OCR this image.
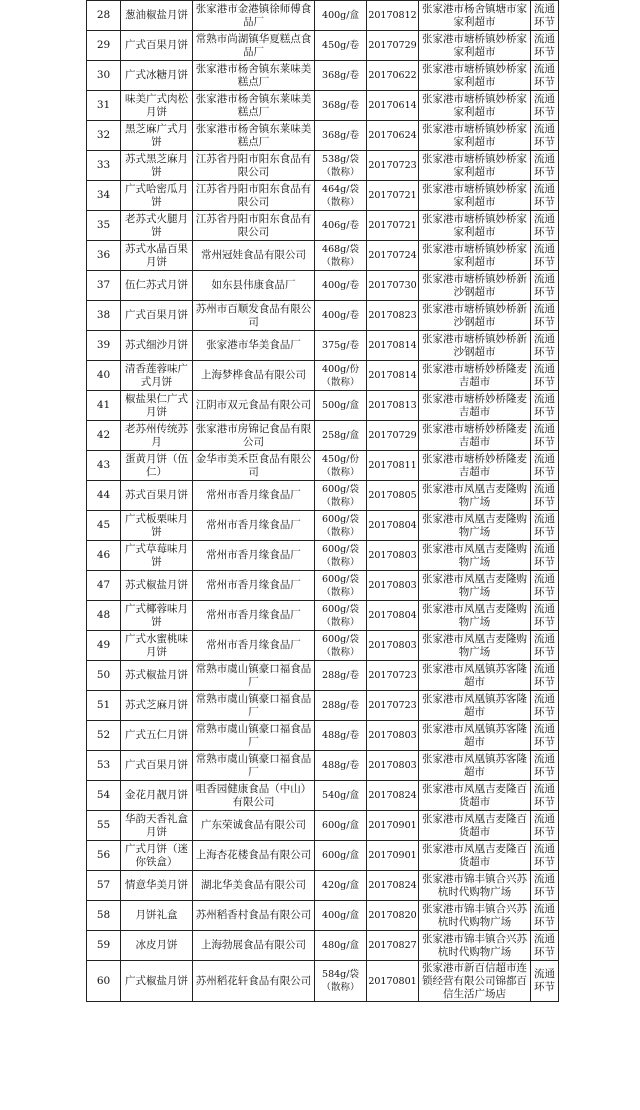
28	葱油椒盐月饼	张家港市金港镇徐师傅食品厂	400g/盒	20170812	张家港市杨舍镇塘市家家利超市	流通环节
29	广式百果月饼	常熟市尚湖镇华夏糕点食品厂	450g/卷	20170729	张家港市塘桥镇妙桥家家利超市	流通环节
30	广式冰糖月饼	张家港市杨舍镇东莱味美糕点厂	368g/卷	20170622	张家港市塘桥镇妙桥家家利超市	流通环节
31	味美广式肉松月饼	张家港市杨舍镇东莱味美糕点厂	368g/卷	20170614	张家港市塘桥镇妙桥家家利超市	流通环节
32	黑芝麻广式月饼	张家港市杨舍镇东莱味美糕点厂	368g/卷	20170624	张家港市塘桥镇妙桥家家利超市	流通环节
33	苏式黑芝麻月饼	江苏省丹阳市阳东食品有限公司	538g/袋（散称）	20170723	张家港市塘桥镇妙桥家家利超市	流通环节
34	广式哈密瓜月饼	江苏省丹阳市阳东食品有限公司	464g/袋（散称）	20170721	张家港市塘桥镇妙桥家家利超市	流通环节
35	老苏式火腿月饼	江苏省丹阳市阳东食品有限公司	406g/卷	20170721	张家港市塘桥镇妙桥家家利超市	流通环节
36	苏式水晶百果月饼	常州冠娃食品有限公司	468g/袋（散称）	20170724	张家港市塘桥镇妙桥家家利超市	流通环节
37	伍仁苏式月饼	如东县伟康食品厂	400g/卷	20170730	张家港市塘桥镇妙桥新沙钢超市	流通环节
38	广式百果月饼	苏州市百顺发食品有限公司	400g/卷	20170823	张家港市塘桥镇妙桥新沙钢超市	流通环节
39	苏式细沙月饼	张家港市华美食品厂	375g/卷	20170814	张家港市塘桥镇妙桥新沙钢超市	流通环节
40	清香莲蓉味广式月饼	上海梦桦食品有限公司	400g/份（散称）	20170814	张家港市塘桥妙桥隆麦吉超市	流通环节
41	椒盐果仁广式月饼	江阴市双元食品有限公司	500g/盒	20170813	张家港市塘桥妙桥隆麦吉超市	流通环节
42	老苏州传统苏月	张家港市房锦记食品有限公司	258g/盒	20170729	张家港市塘桥妙桥隆麦吉超市	流通环节
43	蛋黄月饼（伍仁）	金华市美禾臣食品有限公司	450g/份（散称）	20170811	张家港市塘桥妙桥隆麦吉超市	流通环节
44	苏式百果月饼	常州市香月缘食品厂	600g/袋（散称）	20170805	张家港市凤凰吉麦隆购物广场	流通环节
45	广式板栗味月饼	常州市香月缘食品厂	600g/袋（散称）	20170804	张家港市凤凰吉麦隆购物广场	流通环节
46	广式草莓味月饼	常州市香月缘食品厂	600g/袋（散称）	20170803	张家港市凤凰吉麦隆购物广场	流通环节
47	苏式椒盐月饼	常州市香月缘食品厂	600g/袋（散称）	20170803	张家港市凤凰吉麦隆购物广场	流通环节
48	广式椰蓉味月饼	常州市香月缘食品厂	600g/袋（散称）	20170804	张家港市凤凰吉麦隆购物广场	流通环节
49	广式水蜜桃味月饼	常州市香月缘食品厂	600g/袋（散称）	20170803	张家港市凤凰吉麦隆购物广场	流通环节
50	苏式椒盐月饼	常熟市虞山镇豪口福食品厂	288g/卷	20170723	张家港市凤凰镇苏客隆超市	流通环节
51	苏式芝麻月饼	常熟市虞山镇豪口福食品厂	288g/卷	20170723	张家港市凤凰镇苏客隆超市	流通环节
52	广式五仁月饼	常熟市虞山镇豪口福食品厂	488g/卷	20170803	张家港市凤凰镇苏客隆超市	流通环节
53	广式百果月饼	常熟市虞山镇豪口福食品厂	488g/卷	20170803	张家港市凤凰镇苏客隆超市	流通环节
54	金花月靓月饼	咀香园健康食品（中山）有限公司	540g/盒	20170824	张家港市凤凰吉麦隆百货超市	流通环节
55	华韵天香礼盒月饼	广东荣诚食品有限公司	600g/盒	20170901	张家港市凤凰吉麦隆百货超市	流通环节
56	广式月饼（迷你铁盒）	上海杏花楼食品有限公司	600g/盒	20170901	张家港市凤凰吉麦隆百货超市	流通环节
57	情意华美月饼	湖北华美食品有限公司	420g/盒	20170824	张家港市锦丰镇合兴苏杭时代购物广场	流通环节
58	月饼礼盒	苏州稻香村食品有限公司	400g/盒	20170820	张家港市锦丰镇合兴苏杭时代购物广场	流通环节
59	冰皮月饼	上海勃展食品有限公司	480g/盒	20170827	张家港市锦丰镇合兴苏杭时代购物广场	流通环节
60	广式椒盐月饼	苏州稻花轩食品有限公司	584g/袋（散称）	20170801	张家港市新百信超市连锁经营有限公司锦都百信生活广场店	流通环节
